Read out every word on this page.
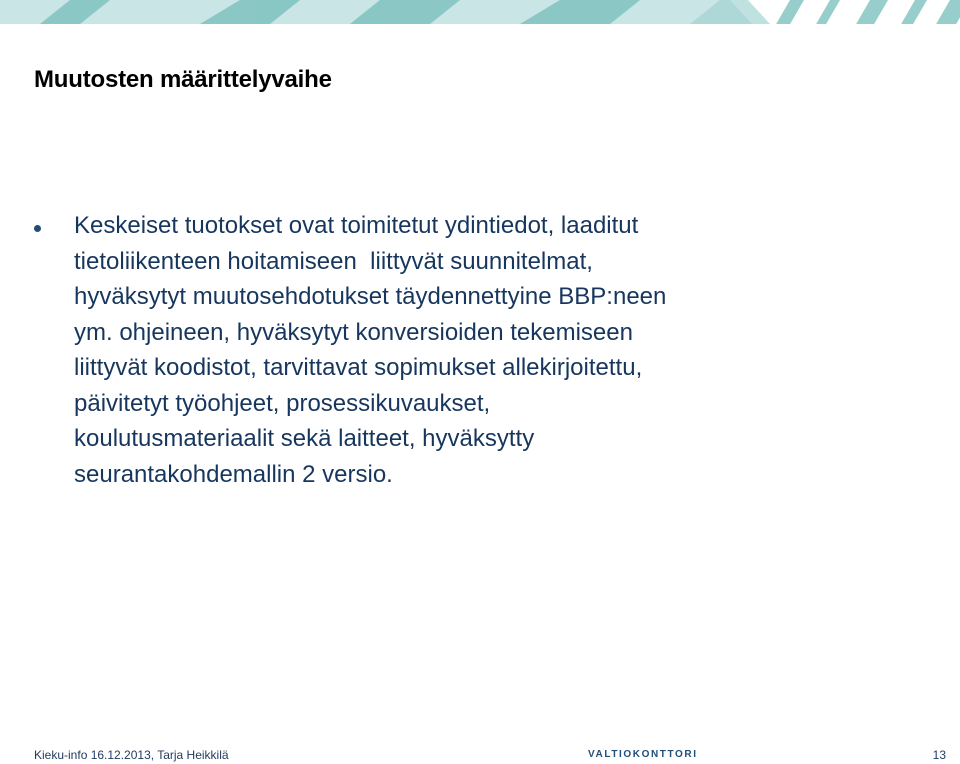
Muutosten määrittelyvaihe
Keskeiset tuotokset ovat toimitetut ydintiedot, laaditut
tietoliikenteen hoitamiseen  liittyvät suunnitelmat,
hyväksytyt muutosehdotukset täydennettyine BBP:neen
ym. ohjeineen, hyväksytyt konversioiden tekemiseen
liittyvät koodistot, tarvittavat sopimukset allekirjoitettu,
päivitetyt työohjeet, prosessikuvaukset,
koulutusmateriaalit sekä laitteet, hyväksytty
seurantakohdemallin 2 versio.
Kieku-info 16.12.2013, Tarja Heikkilä	VALTIOKONTTORI	13
